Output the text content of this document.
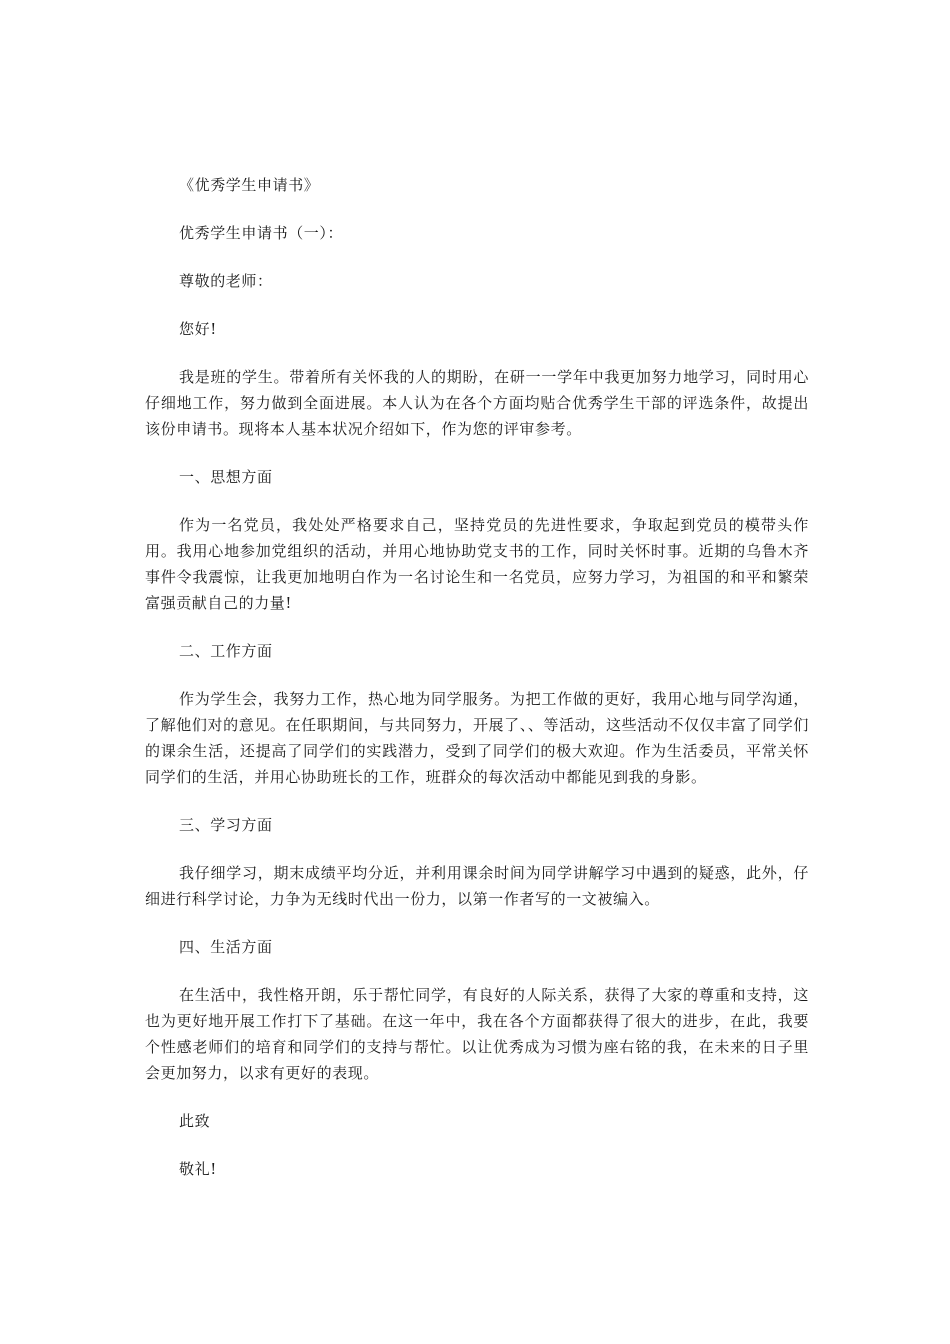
《优秀学生申请书》

优秀学生申请书（一）：

尊敬的老师：

您好!

我是班的学生。带着所有关怀我的人的期盼，在研一一学年中我更加努力地学习，同时用心仔细地工作，努力做到全面进展。本人认为在各个方面均贴合优秀学生干部的评选条件，故提出该份申请书。现将本人基本状况介绍如下，作为您的评审参考。

一、思想方面

作为一名党员，我处处严格要求自己，坚持党员的先进性要求，争取起到党员的模带头作用。我用心地参加党组织的活动，并用心地协助党支书的工作，同时关怀时事。近期的乌鲁木齐事件令我震惊，让我更加地明白作为一名讨论生和一名党员，应努力学习，为祖国的和平和繁荣富强贡献自己的力量!

二、工作方面

作为学生会，我努力工作，热心地为同学服务。为把工作做的更好，我用心地与同学沟通，了解他们对的意见。在任职期间，与共同努力，开展了、、等活动，这些活动不仅仅丰富了同学们的课余生活，还提高了同学们的实践潜力，受到了同学们的极大欢迎。作为生活委员，平常关怀同学们的生活，并用心协助班长的工作，班群众的每次活动中都能见到我的身影。

三、学习方面

我仔细学习，期末成绩平均分近，并利用课余时间为同学讲解学习中遇到的疑惑，此外，仔细进行科学讨论，力争为无线时代出一份力，以第一作者写的一文被编入。

四、生活方面

在生活中，我性格开朗，乐于帮忙同学，有良好的人际关系，获得了大家的尊重和支持，这也为更好地开展工作打下了基础。在这一年中，我在各个方面都获得了很大的进步，在此，我要个性感老师们的培育和同学们的支持与帮忙。以让优秀成为习惯为座右铭的我，在未来的日子里会更加努力，以求有更好的表现。

此致

敬礼!
